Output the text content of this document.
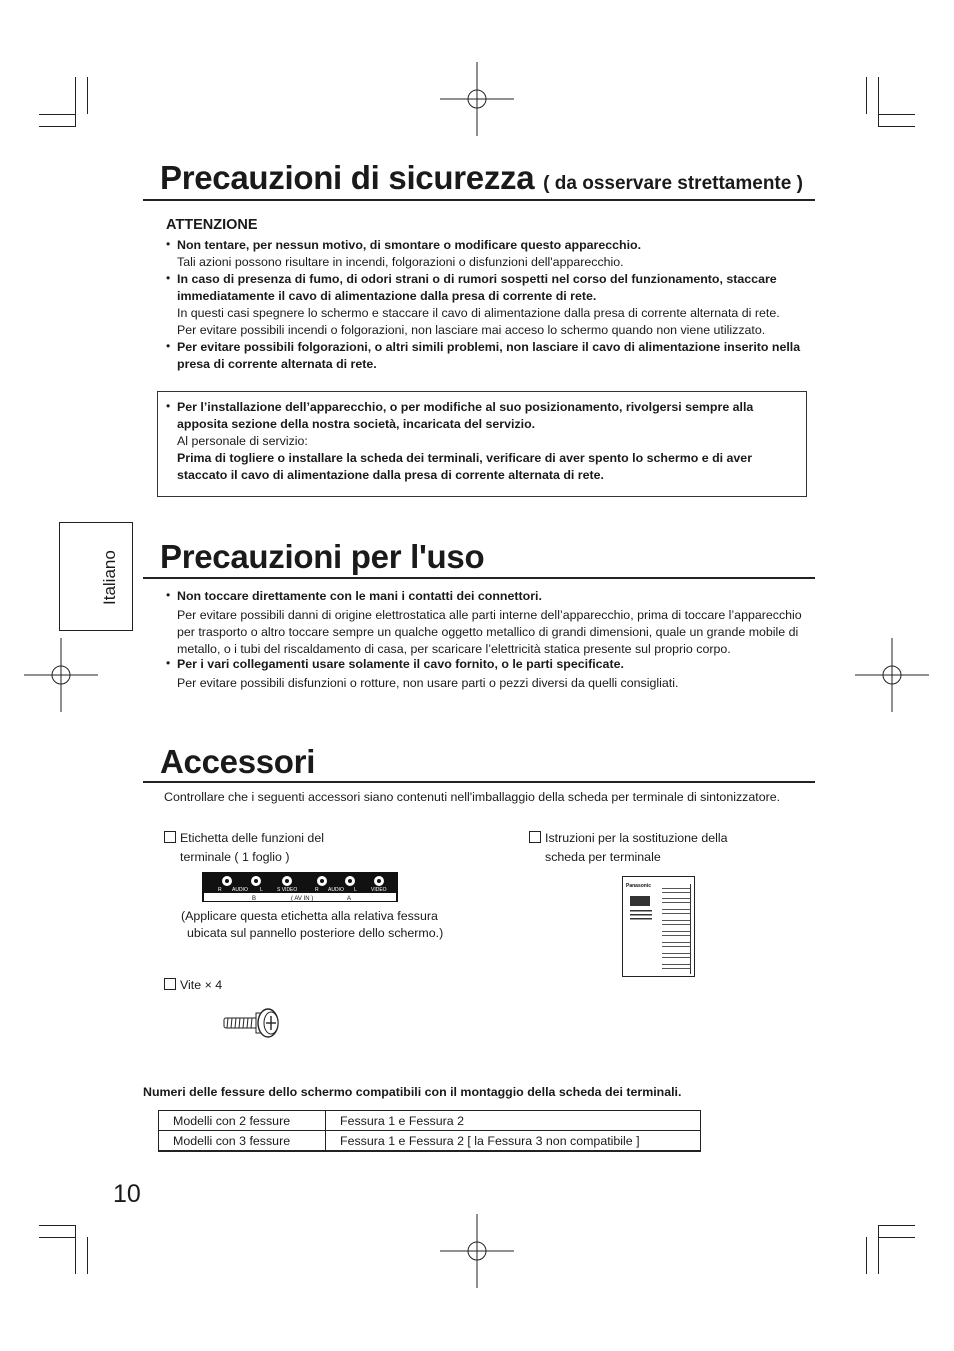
Precauzioni di sicurezza ( da osservare strettamente )
ATTENZIONE
• Non tentare, per nessun motivo, di smontare o modificare questo apparecchio.
Tali azioni possono risultare in incendi, folgorazioni o disfunzioni dell'apparecchio.
• In caso di presenza di fumo, di odori strani o di rumori sospetti nel corso del funzionamento, staccare immediatamente il cavo di alimentazione dalla presa di corrente di rete.
In questi casi spegnere lo schermo e staccare il cavo di alimentazione dalla presa di corrente alternata di rete.
Per evitare possibili incendi o folgorazioni, non lasciare mai acceso lo schermo quando non viene utilizzato.
• Per evitare possibili folgorazioni, o altri simili problemi, non lasciare il cavo di alimentazione inserito nella presa di corrente alternata di rete.
• Per l’installazione dell’apparecchio, o per modifiche al suo posizionamento, rivolgersi sempre alla apposita sezione della nostra società, incaricata del servizio.
Al personale di servizio:
Prima di togliere o installare la scheda dei terminali, verificare di aver spento lo schermo e di aver staccato il cavo di alimentazione dalla presa di corrente alternata di rete.
Italiano Precauzioni per l'uso
• Non toccare direttamente con le mani i contatti dei connettori.
Per evitare possibili danni di origine elettrostatica alle parti interne dell’apparecchio, prima di toccare l’apparecchio per trasporto o altro toccare sempre un qualche oggetto metallico di grandi dimensioni, quale un grande mobile di metallo, o i tubi del riscaldamento di casa, per scaricare l’elettricità statica presente sul proprio corpo.
• Per i vari collegamenti usare solamente il cavo fornito, o le parti specificate.
Per evitare possibili disfunzioni o rotture, non usare parti o pezzi diversi da quelli consigliati.
Accessori
Controllare che i seguenti accessori siano contenuti nell'imballaggio della scheda per terminale di sintonizzatore.
Etichetta delle funzioni del
terminale ( 1 foglio )
R AUDIO L	S VIDEO	R AUDIO L	VIDEO
B	( AV IN )	A
(Applicare questa etichetta alla relativa fessura
ubicata sul pannello posteriore dello schermo.)
Istruzioni per la sostituzione della
scheda per terminale
Panasonic
Vite × 4
Numeri delle fessure dello schermo compatibili con il montaggio della scheda dei terminali.
Modelli con 2 fessure	Fessura 1 e Fessura 2
Modelli con 3 fessure	Fessura 1 e Fessura 2 [ la Fessura 3 non compatibile ]
10
